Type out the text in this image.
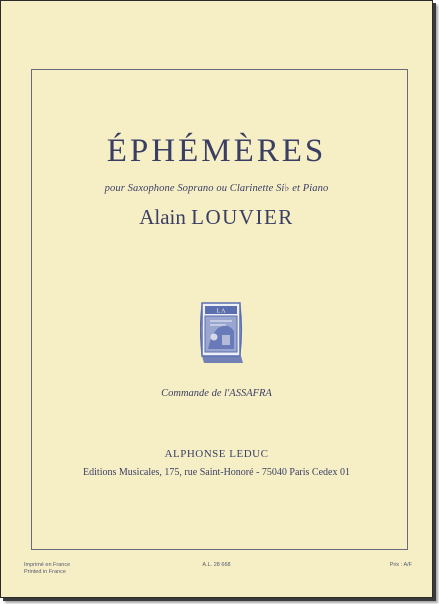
ÉPHÉMÈRES
pour Saxophone Soprano ou Clarinette Si♭ et Piano
Alain LOUVIER
L A
Commande de l'ASSAFRA
ALPHONSE LEDUC
Editions Musicales, 175, rue Saint-Honoré - 75040 Paris Cedex 01
Imprimé en France
Printed in France
A.L. 28 668	Prix : A/F
